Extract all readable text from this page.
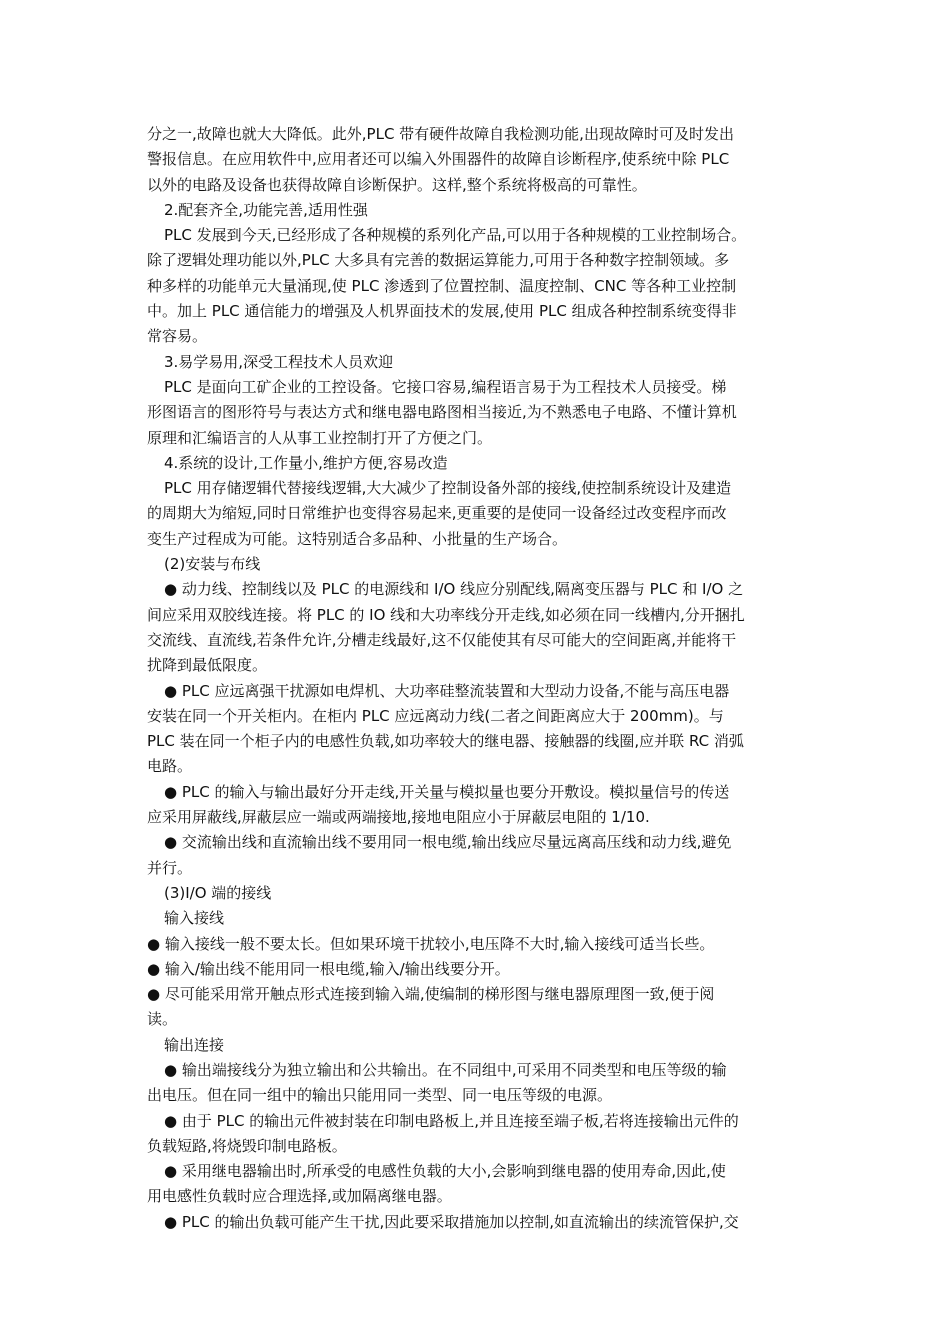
分之一,故障也就大大降低。此外,PLC 带有硬件故障自我检测功能,出现故障时可及时发出
警报信息。在应用软件中,应用者还可以编入外围器件的故障自诊断程序,使系统中除 PLC
以外的电路及设备也获得故障自诊断保护。这样,整个系统将极高的可靠性。
2.配套齐全,功能完善,适用性强
PLC 发展到今天,已经形成了各种规模的系列化产品,可以用于各种规模的工业控制场合。
除了逻辑处理功能以外,PLC 大多具有完善的数据运算能力,可用于各种数字控制领域。多
种多样的功能单元大量涌现,使 PLC 渗透到了位置控制、温度控制、CNC 等各种工业控制
中。加上 PLC 通信能力的增强及人机界面技术的发展,使用 PLC 组成各种控制系统变得非
常容易。
3.易学易用,深受工程技术人员欢迎
PLC 是面向工矿企业的工控设备。它接口容易,编程语言易于为工程技术人员接受。梯
形图语言的图形符号与表达方式和继电器电路图相当接近,为不熟悉电子电路、不懂计算机
原理和汇编语言的人从事工业控制打开了方便之门。
4.系统的设计,工作量小,维护方便,容易改造
PLC 用存储逻辑代替接线逻辑,大大减少了控制设备外部的接线,使控制系统设计及建造
的周期大为缩短,同时日常维护也变得容易起来,更重要的是使同一设备经过改变程序而改
变生产过程成为可能。这特别适合多品种、小批量的生产场合。
(2)安装与布线
● 动力线、控制线以及 PLC 的电源线和 I/O 线应分别配线,隔离变压器与 PLC 和 I/O 之
间应采用双胶线连接。将 PLC 的 IO 线和大功率线分开走线,如必须在同一线槽内,分开捆扎
交流线、直流线,若条件允许,分槽走线最好,这不仅能使其有尽可能大的空间距离,并能将干
扰降到最低限度。
● PLC 应远离强干扰源如电焊机、大功率硅整流装置和大型动力设备,不能与高压电器
安装在同一个开关柜内。在柜内 PLC 应远离动力线(二者之间距离应大于 200mm)。与
PLC 装在同一个柜子内的电感性负载,如功率较大的继电器、接触器的线圈,应并联 RC 消弧
电路。
● PLC 的输入与输出最好分开走线,开关量与模拟量也要分开敷设。模拟量信号的传送
应采用屏蔽线,屏蔽层应一端或两端接地,接地电阻应小于屏蔽层电阻的 1/10.
● 交流输出线和直流输出线不要用同一根电缆,输出线应尽量远离高压线和动力线,避免
并行。
(3)I/O 端的接线
输入接线
● 输入接线一般不要太长。但如果环境干扰较小,电压降不大时,输入接线可适当长些。
● 输入/输出线不能用同一根电缆,输入/输出线要分开。
● 尽可能采用常开触点形式连接到输入端,使编制的梯形图与继电器原理图一致,便于阅
读。
输出连接
● 输出端接线分为独立输出和公共输出。在不同组中,可采用不同类型和电压等级的输
出电压。但在同一组中的输出只能用同一类型、同一电压等级的电源。
● 由于 PLC 的输出元件被封装在印制电路板上,并且连接至端子板,若将连接输出元件的
负载短路,将烧毁印制电路板。
● 采用继电器输出时,所承受的电感性负载的大小,会影响到继电器的使用寿命,因此,使
用电感性负载时应合理选择,或加隔离继电器。
● PLC 的输出负载可能产生干扰,因此要采取措施加以控制,如直流输出的续流管保护,交
